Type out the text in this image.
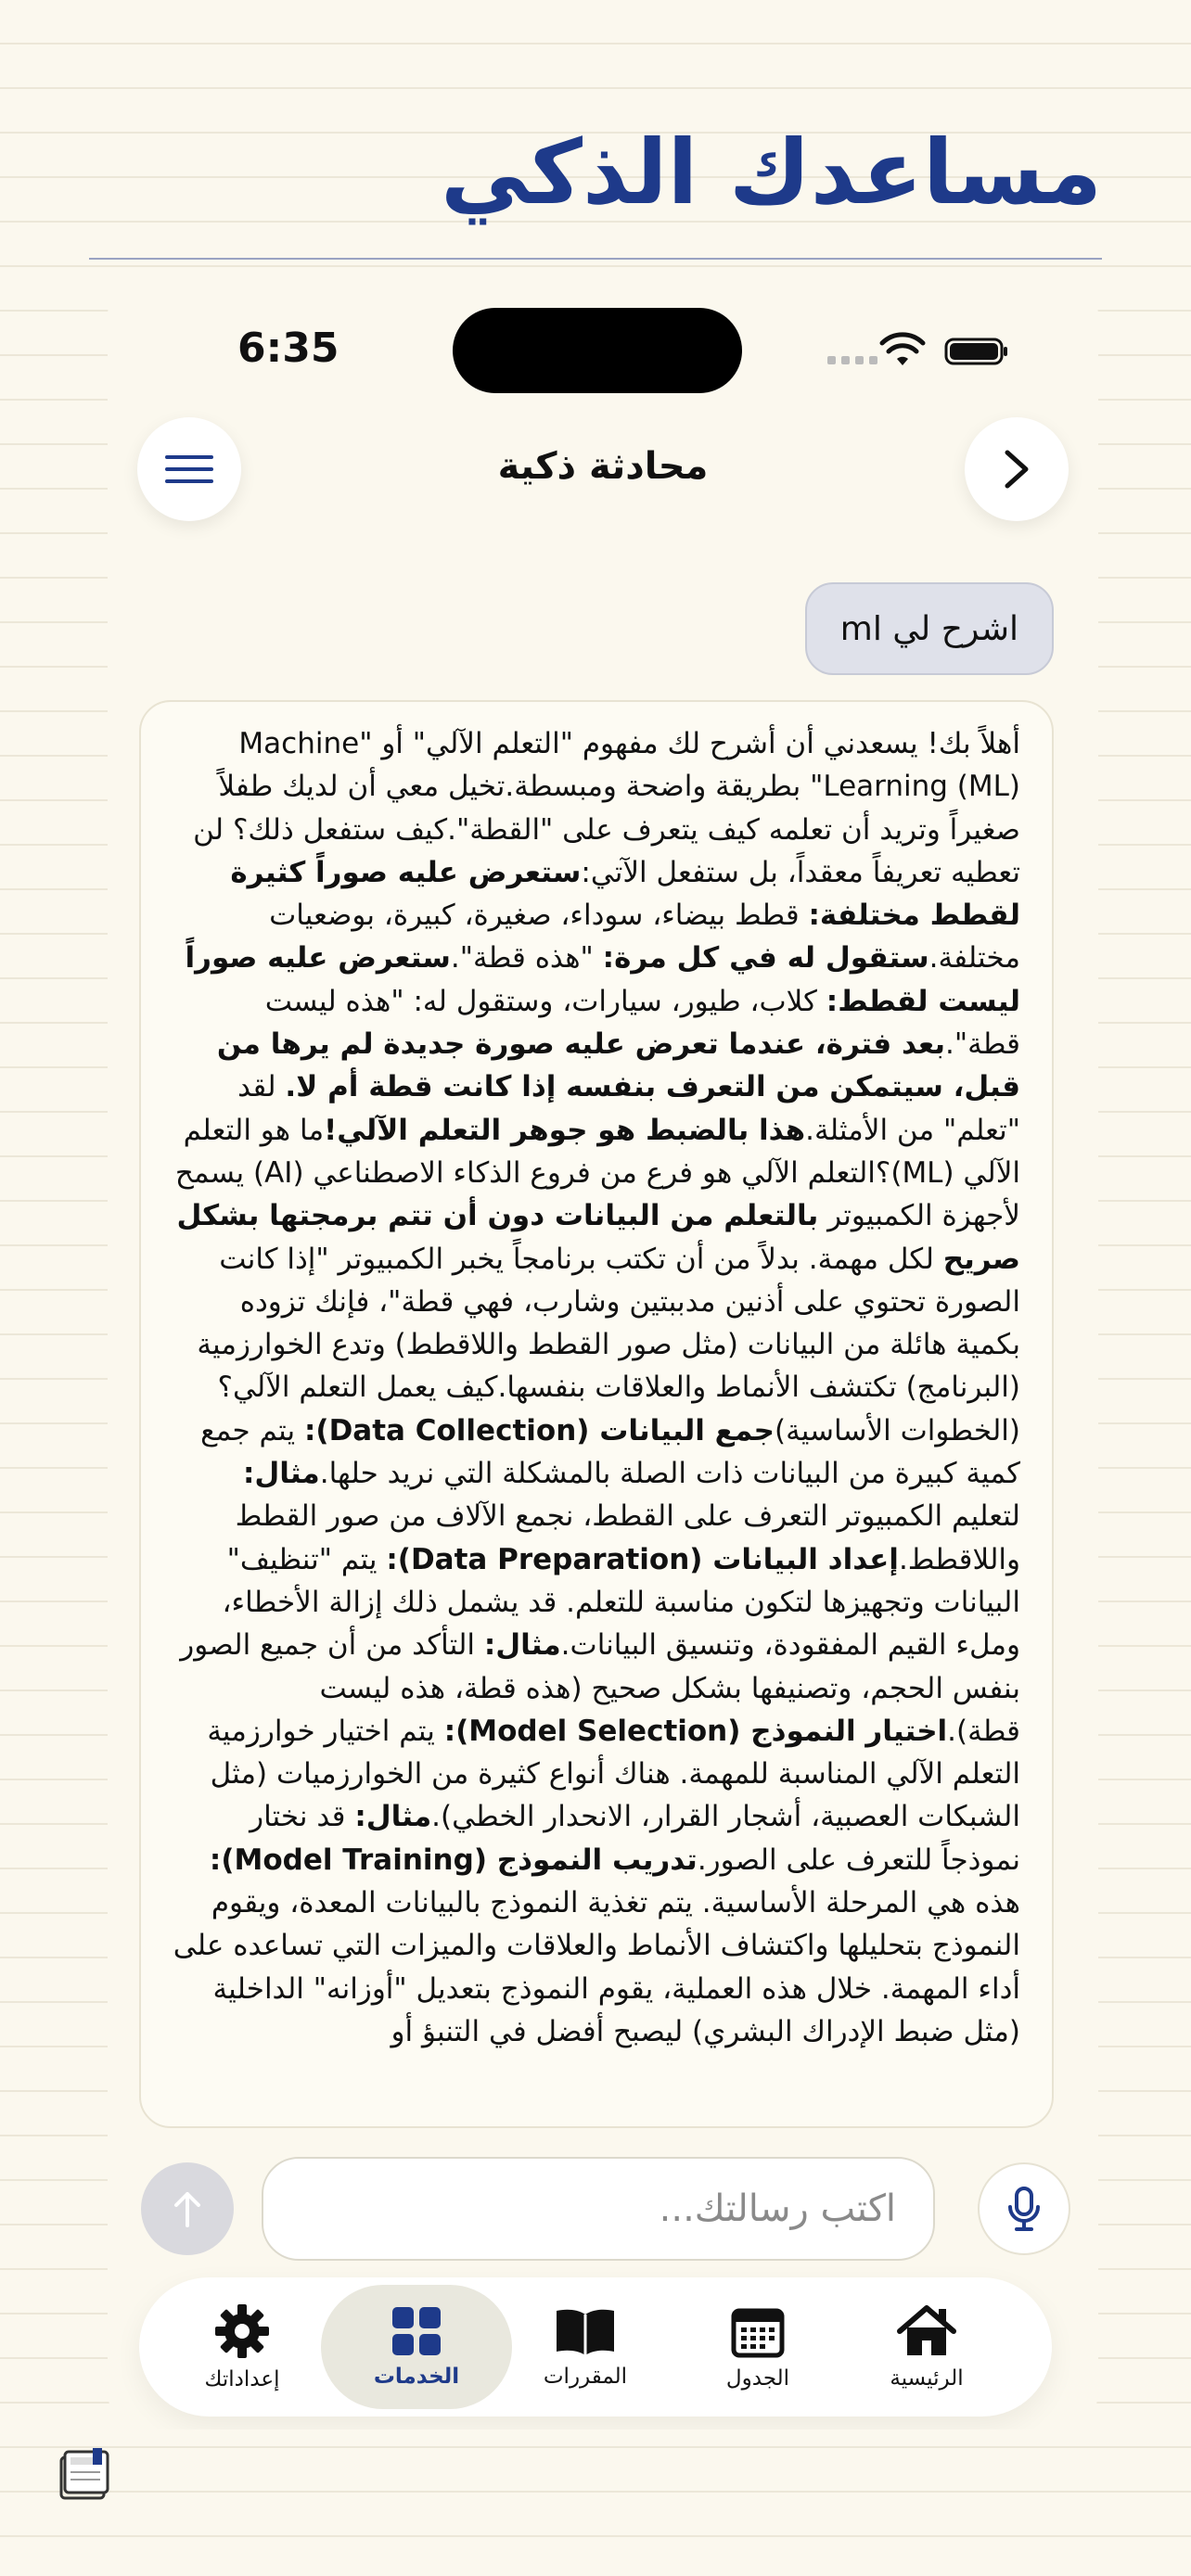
مساعدك الذكي
6:35
محادثة ذكية
اشرح لي ml
أهلاً بك! يسعدني أن أشرح لك مفهوم "التعلم الآلي" أو "Machine Learning (ML)" بطريقة واضحة ومبسطة.تخيل معي أن لديك طفلاً صغيراً وتريد أن تعلمه كيف يتعرف على "القطة".كيف ستفعل ذلك؟ لن تعطيه تعريفاً معقداً، بل ستفعل الآتي:ستعرض عليه صوراً كثيرة لقطط مختلفة: قطط بيضاء، سوداء، صغيرة، كبيرة، بوضعيات مختلفة.ستقول له في كل مرة: "هذه قطة".ستعرض عليه صوراً ليست لقطط: كلاب، طيور، سيارات، وستقول له: "هذه ليست قطة".بعد فترة، عندما تعرض عليه صورة جديدة لم يرها من قبل، سيتمكن من التعرف بنفسه إذا كانت قطة أم لا. لقد "تعلم" من الأمثلة.هذا بالضبط هو جوهر التعلم الآلي!ما هو التعلم الآلي (ML)؟التعلم الآلي هو فرع من فروع الذكاء الاصطناعي (AI) يسمح لأجهزة الكمبيوتر بالتعلم من البيانات دون أن تتم برمجتها بشكل صريح لكل مهمة. بدلاً من أن تكتب برنامجاً يخبر الكمبيوتر "إذا كانت الصورة تحتوي على أذنين مدببتين وشارب، فهي قطة"، فإنك تزوده بكمية هائلة من البيانات (مثل صور القطط واللاقطط) وتدع الخوارزمية (البرنامج) تكتشف الأنماط والعلاقات بنفسها.كيف يعمل التعلم الآلي؟ (الخطوات الأساسية)جمع البيانات (Data Collection): يتم جمع كمية كبيرة من البيانات ذات الصلة بالمشكلة التي نريد حلها.مثال: لتعليم الكمبيوتر التعرف على القطط، نجمع الآلاف من صور القطط واللاقطط.إعداد البيانات (Data Preparation): يتم "تنظيف" البيانات وتجهيزها لتكون مناسبة للتعلم. قد يشمل ذلك إزالة الأخطاء، وملء القيم المفقودة، وتنسيق البيانات.مثال: التأكد من أن جميع الصور بنفس الحجم، وتصنيفها بشكل صحيح (هذه قطة، هذه ليست قطة).اختيار النموذج (Model Selection): يتم اختيار خوارزمية التعلم الآلي المناسبة للمهمة. هناك أنواع كثيرة من الخوارزميات (مثل الشبكات العصبية، أشجار القرار، الانحدار الخطي).مثال: قد نختار نموذجاً للتعرف على الصور.تدريب النموذج (Model Training): هذه هي المرحلة الأساسية. يتم تغذية النموذج بالبيانات المعدة، ويقوم النموذج بتحليلها واكتشاف الأنماط والعلاقات والميزات التي تساعده على أداء المهمة. خلال هذه العملية، يقوم النموذج بتعديل "أوزانه" الداخلية (مثل ضبط الإدراك البشري) ليصبح أفضل في التنبؤ أو
اكتب رسالتك...
الرئيسية
الجدول
المقررات
الخدمات
إعداداتك
